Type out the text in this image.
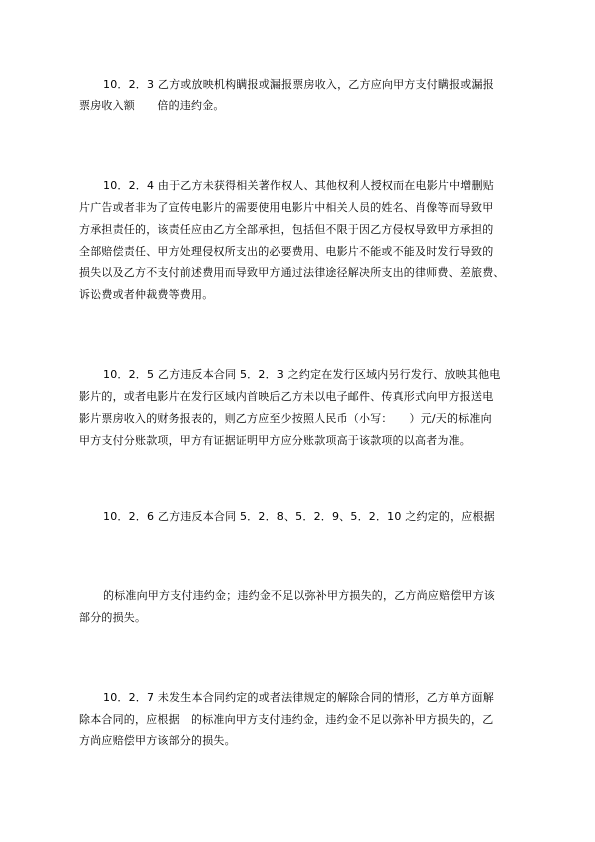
10．2．3 乙方或放映机构瞒报或漏报票房收入，乙方应向甲方支付瞒报或漏报

票房收入额　　倍的违约金。

10．2．4 由于乙方未获得相关著作权人、其他权利人授权而在电影片中增删贴

片广告或者非为了宣传电影片的需要使用电影片中相关人员的姓名、肖像等而导致甲

方承担责任的，该责任应由乙方全部承担，包括但不限于因乙方侵权导致甲方承担的

全部赔偿责任、甲方处理侵权所支出的必要费用、电影片不能或不能及时发行导致的

损失以及乙方不支付前述费用而导致甲方通过法律途径解决所支出的律师费、差旅费、

诉讼费或者仲裁费等费用。

10．2．5 乙方违反本合同 5．2．3 之约定在发行区域内另行发行、放映其他电

影片的，或者电影片在发行区域内首映后乙方未以电子邮件、传真形式向甲方报送电

影片票房收入的财务报表的，则乙方应至少按照人民币（小写：　　）元/天的标准向

甲方支付分账款项，甲方有证据证明甲方应分账款项高于该款项的以高者为准。

10．2．6 乙方违反本合同 5．2．8、5．2．9、5．2．10 之约定的，应根据

的标准向甲方支付违约金；违约金不足以弥补甲方损失的，乙方尚应赔偿甲方该

部分的损失。

10．2．7 未发生本合同约定的或者法律规定的解除合同的情形，乙方单方面解

除本合同的，应根据　的标准向甲方支付违约金，违约金不足以弥补甲方损失的，乙

方尚应赔偿甲方该部分的损失。
